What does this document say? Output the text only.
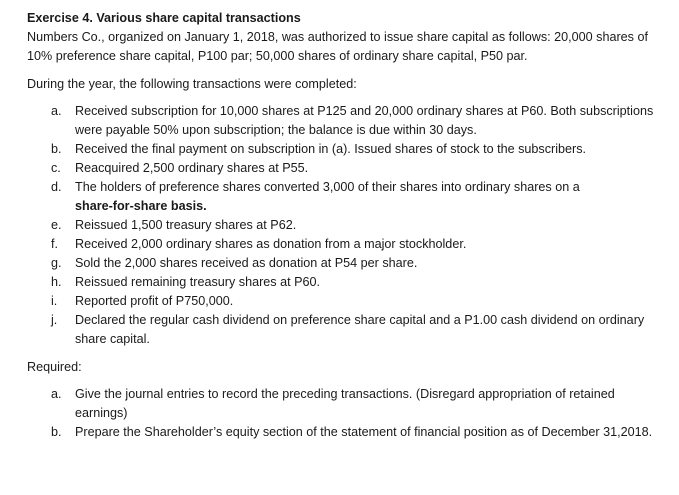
Exercise 4. Various share capital transactions

Numbers Co., organized on January 1, 2018, was authorized to issue share capital as follows: 20,000 shares of 10% preference share capital, P100 par; 50,000 shares of ordinary share capital, P50 par.

During the year, the following transactions were completed:

a. Received subscription for 10,000 shares at P125 and 20,000 ordinary shares at P60. Both subscriptions were payable 50% upon subscription; the balance is due within 30 days.
b. Received the final payment on subscription in (a). Issued shares of stock to the subscribers.
c. Reacquired 2,500 ordinary shares at P55.
d. The holders of preference shares converted 3,000 of their shares into ordinary shares on a
share-for-share basis.
e. Reissued 1,500 treasury shares at P62.
f. Received 2,000 ordinary shares as donation from a major stockholder.
g. Sold the 2,000 shares received as donation at P54 per share.
h. Reissued remaining treasury shares at P60.
i. Reported profit of P750,000.
j. Declared the regular cash dividend on preference share capital and a P1.00 cash dividend on ordinary share capital.

Required:

a. Give the journal entries to record the preceding transactions. (Disregard appropriation of retained earnings)
b. Prepare the Shareholder’s equity section of the statement of financial position as of December 31,2018.
